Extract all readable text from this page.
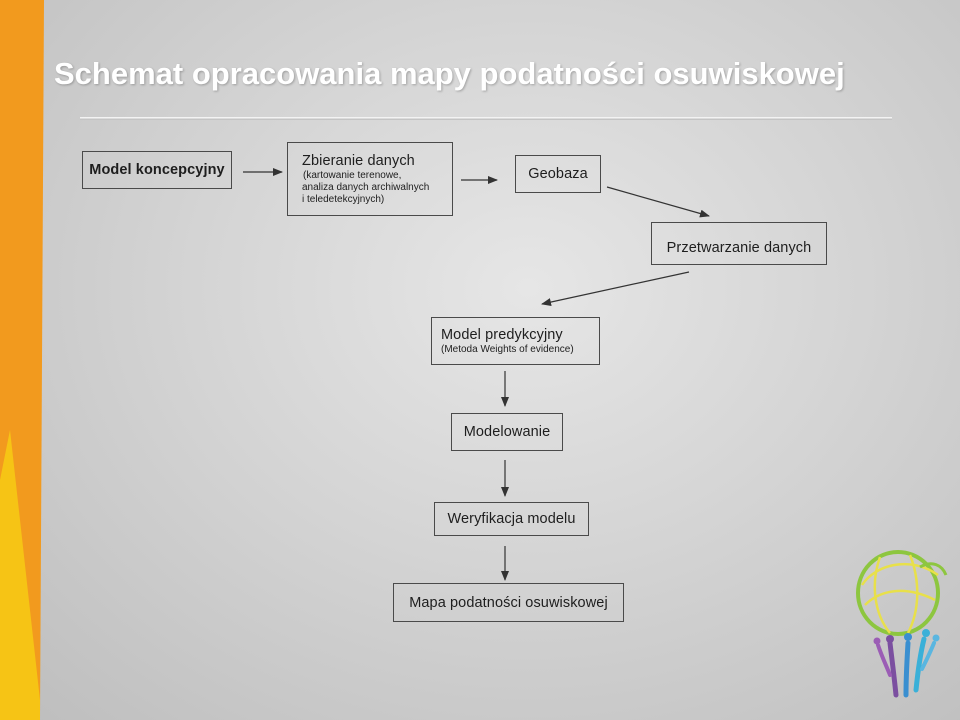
Schemat opracowania mapy podatności osuwiskowej
Model koncepcyjny
Zbieranie danych
(kartowanie terenowe,
analiza danych archiwalnych
i teledetekcyjnych)
Geobaza
Przetwarzanie danych
Model predykcyjny
(Metoda Weights of evidence)
Modelowanie
Weryfikacja modelu
Mapa podatności osuwiskowej
